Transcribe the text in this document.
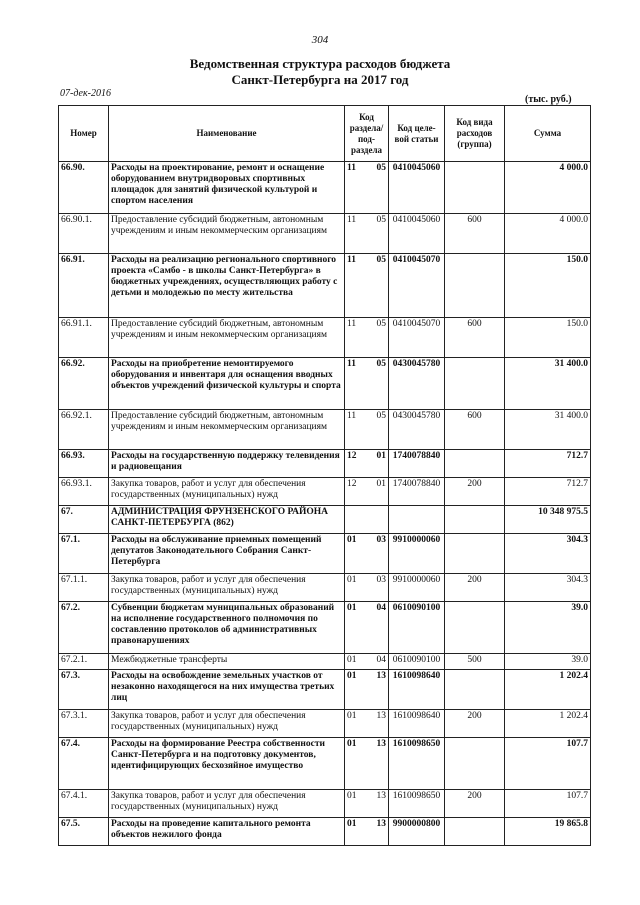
304
Ведомственная структура расходов бюджета
Санкт-Петербурга на 2017 год
07-дек-2016
(тыс. руб.)
Номер	Наименование	Код раздела/ под-раздела		Код целе-вой статьи	Код вида расходов (группа)	Сумма
66.90.	Расходы на проектирование, ремонт и оснащение оборудованием внутридворовых спортивных площадок для занятий физической культурой и спортом населения	11	05	0410045060		4 000.0
66.90.1.	Предоставление субсидий бюджетным, автономным учреждениям и иным некоммерческим организациям	11	05	0410045060	600	4 000.0
66.91.	Расходы на реализацию регионального спортивного проекта «Самбо - в школы Санкт-Петербурга» в бюджетных учреждениях, осуществляющих работу с детьми и молодежью по месту жительства	11	05	0410045070		150.0
66.91.1.	Предоставление субсидий бюджетным, автономным учреждениям и иным некоммерческим организациям	11	05	0410045070	600	150.0
66.92.	Расходы на приобретение немонтируемого оборудования и инвентаря для оснащения вводных объектов учреждений физической культуры и спорта	11	05	0430045780		31 400.0
66.92.1.	Предоставление субсидий бюджетным, автономным учреждениям и иным некоммерческим организациям	11	05	0430045780	600	31 400.0
66.93.	Расходы на государственную поддержку телевидения и радиовещания	12	01	1740078840		712.7
66.93.1.	Закупка товаров, работ и услуг для обеспечения государственных (муниципальных) нужд	12	01	1740078840	200	712.7
67.	АДМИНИСТРАЦИЯ ФРУНЗЕНСКОГО РАЙОНА САНКТ-ПЕТЕРБУРГА (862)					10 348 975.5
67.1.	Расходы на обслуживание приемных помещений депутатов Законодательного Собрания Санкт-Петербурга	01	03	9910000060		304.3
67.1.1.	Закупка товаров, работ и услуг для обеспечения государственных (муниципальных) нужд	01	03	9910000060	200	304.3
67.2.	Субвенции бюджетам муниципальных образований на исполнение государственного полномочия по составлению протоколов об административных правонарушениях	01	04	0610090100		39.0
67.2.1.	Межбюджетные трансферты	01	04	0610090100	500	39.0
67.3.	Расходы на освобождение земельных участков от незаконно находящегося на них имущества третьих лиц	01	13	1610098640		1 202.4
67.3.1.	Закупка товаров, работ и услуг для обеспечения государственных (муниципальных) нужд	01	13	1610098640	200	1 202.4
67.4.	Расходы на формирование Реестра собственности Санкт-Петербурга и на подготовку документов, идентифицирующих бесхозяйное имущество	01	13	1610098650		107.7
67.4.1.	Закупка товаров, работ и услуг для обеспечения государственных (муниципальных) нужд	01	13	1610098650	200	107.7
67.5.	Расходы на проведение капитального ремонта объектов нежилого фонда	01	13	9900000800		19 865.8
